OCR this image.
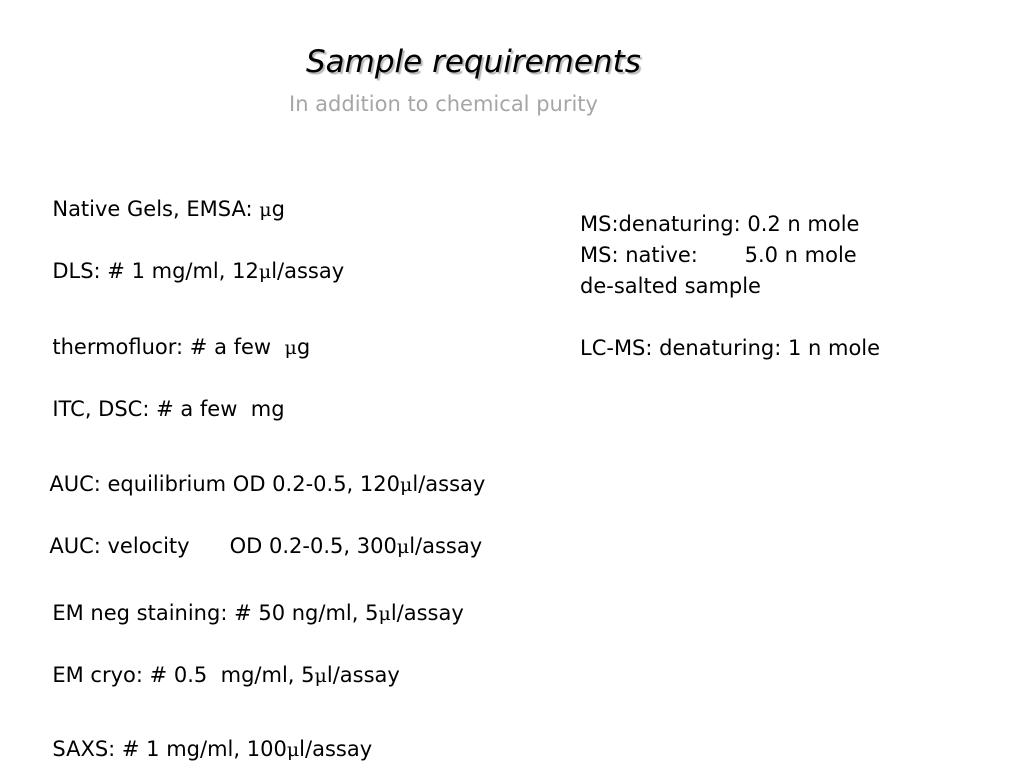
Sample requirements
In addition to chemical purity

Native Gels, EMSA: μg

DLS: # 1 mg/ml, 12μl/assay

thermofluor: # a few  μg

ITC, DSC: # a few  mg

AUC: equilibrium OD 0.2-0.5, 120μl/assay

AUC: velocity      OD 0.2-0.5, 300μl/assay

EM neg staining: # 50 ng/ml, 5μl/assay

EM cryo: # 0.5  mg/ml, 5μl/assay

SAXS: # 1 mg/ml, 100μl/assay

MS:denaturing: 0.2 n mole
MS: native:       5.0 n mole
de-salted sample
LC-MS: denaturing: 1 n mole
